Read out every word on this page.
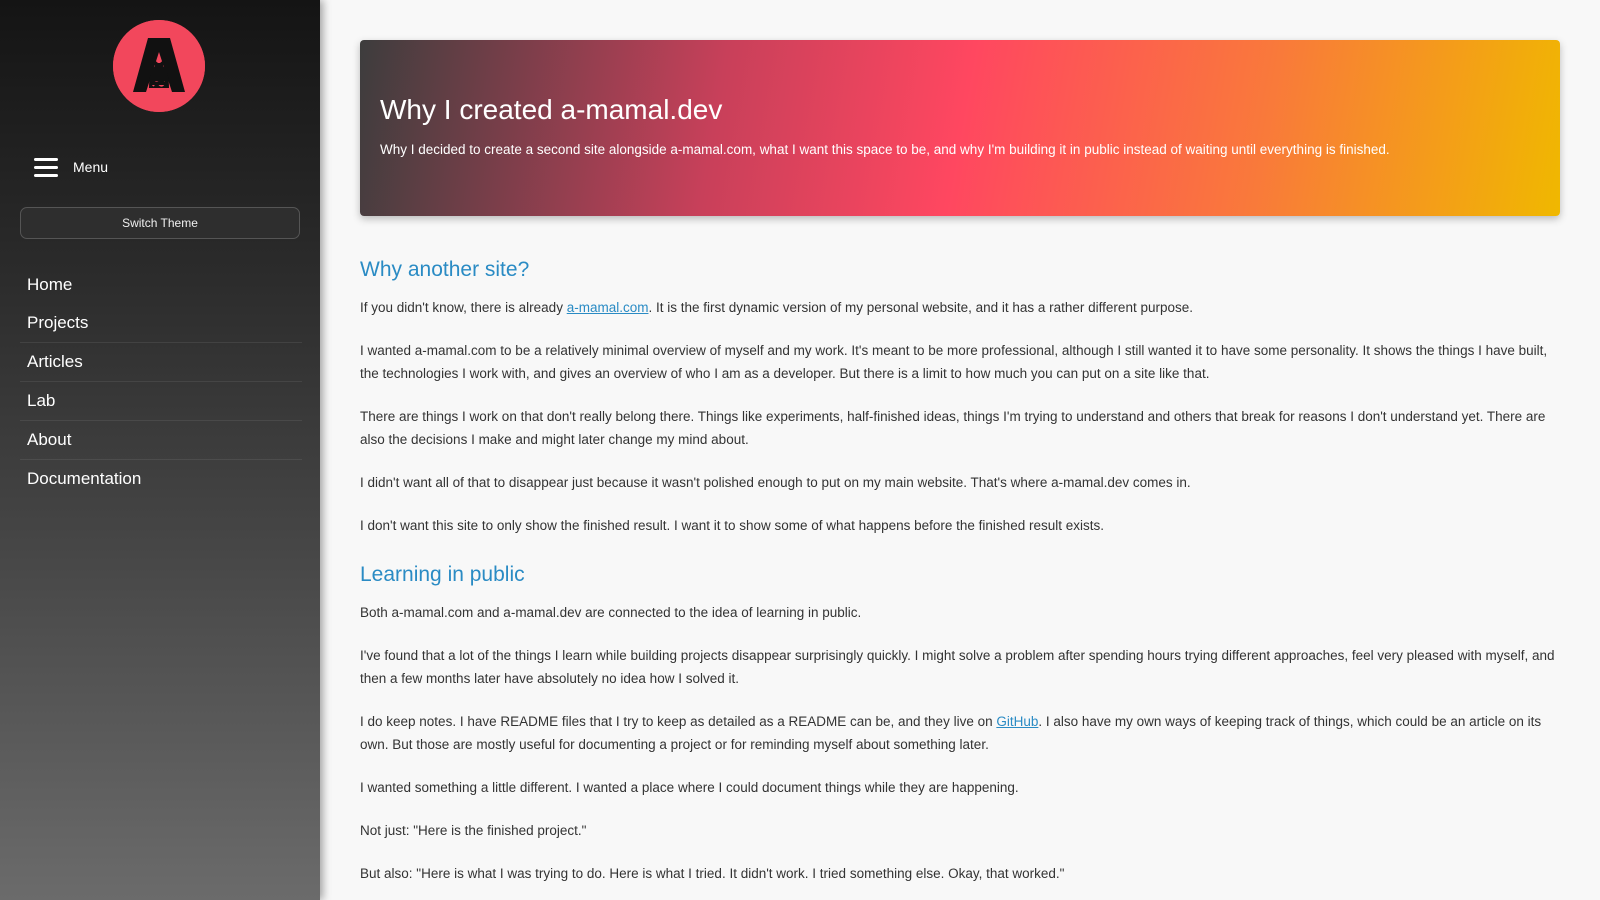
Menu
Switch Theme
Home
Projects
Articles
Lab
About
Documentation
Why I created a-mamal.dev

Why I decided to create a second site alongside a-mamal.com, what I want this space to be, and why I'm building it in public instead of waiting until everything is finished.

Why another site?

If you didn't know, there is already a-mamal.com. It is the first dynamic version of my personal website, and it has a rather different purpose.

I wanted a-mamal.com to be a relatively minimal overview of myself and my work. It's meant to be more professional, although I still wanted it to have some personality. It shows the things I have built, the technologies I work with, and gives an overview of who I am as a developer. But there is a limit to how much you can put on a site like that.

There are things I work on that don't really belong there. Things like experiments, half-finished ideas, things I'm trying to understand and others that break for reasons I don't understand yet. There are also the decisions I make and might later change my mind about.

I didn't want all of that to disappear just because it wasn't polished enough to put on my main website. That's where a-mamal.dev comes in.

I don't want this site to only show the finished result. I want it to show some of what happens before the finished result exists.

Learning in public

Both a-mamal.com and a-mamal.dev are connected to the idea of learning in public.

I've found that a lot of the things I learn while building projects disappear surprisingly quickly. I might solve a problem after spending hours trying different approaches, feel very pleased with myself, and then a few months later have absolutely no idea how I solved it.

I do keep notes. I have README files that I try to keep as detailed as a README can be, and they live on GitHub. I also have my own ways of keeping track of things, which could be an article on its own. But those are mostly useful for documenting a project or for reminding myself about something later.

I wanted something a little different. I wanted a place where I could document things while they are happening.

Not just: "Here is the finished project."

But also: "Here is what I was trying to do. Here is what I tried. It didn't work. I tried something else. Okay, that worked."
